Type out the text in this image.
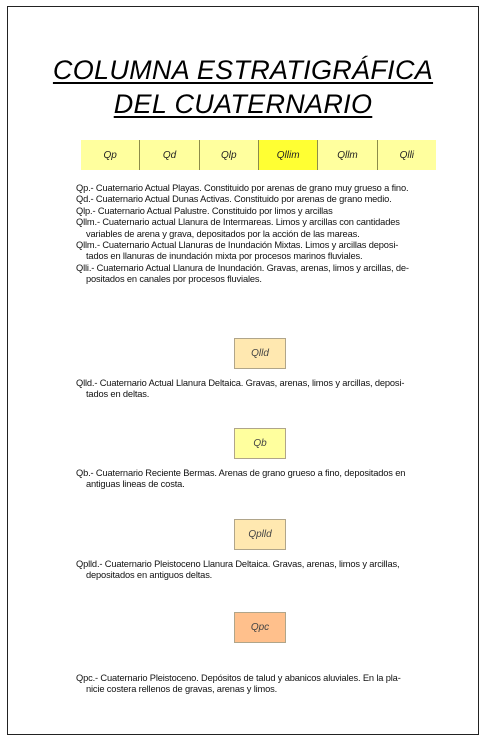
COLUMNA ESTRATIGRÁFICA
DEL CUATERNARIO
Qp	Qd	Qlp	Qllim	Qllm	Qlli
Qp.- Cuaternario Actual Playas. Constituido por arenas de grano muy grueso a fino.
Qd.- Cuaternario Actual Dunas Activas. Constituido por arenas de grano medio.
Qlp.- Cuaternario Actual Palustre. Constituido por limos y arcillas
Qllm.- Cuaternario actual Llanura de Intermareas. Limos y arcillas con cantidades
variables de arena y grava, depositados por la acción de las mareas.
Qllm.- Cuaternario Actual Llanuras de Inundación Mixtas. Limos y arcillas deposi-
tados en llanuras de inundación mixta por procesos marinos fluviales.
Qlli.- Cuaternario Actual Llanura de Inundación. Gravas, arenas, limos y arcillas, de-
positados en canales por procesos fluviales.
Qlld
Qlld.- Cuaternario Actual Llanura Deltaica. Gravas, arenas, limos y arcillas, deposi-
tados en deltas.
Qb
Qb.- Cuaternario Reciente Bermas. Arenas de grano grueso a fino, depositados en
antiguas lineas de costa.
Qplld
Qplld.- Cuaternario Pleistoceno Llanura Deltaica. Gravas, arenas, limos y arcillas,
depositados en antiguos deltas.
Qpc
Qpc.- Cuaternario Pleistoceno. Depósitos de talud y abanicos aluviales. En la pla-
nicie costera rellenos de gravas, arenas y limos.
